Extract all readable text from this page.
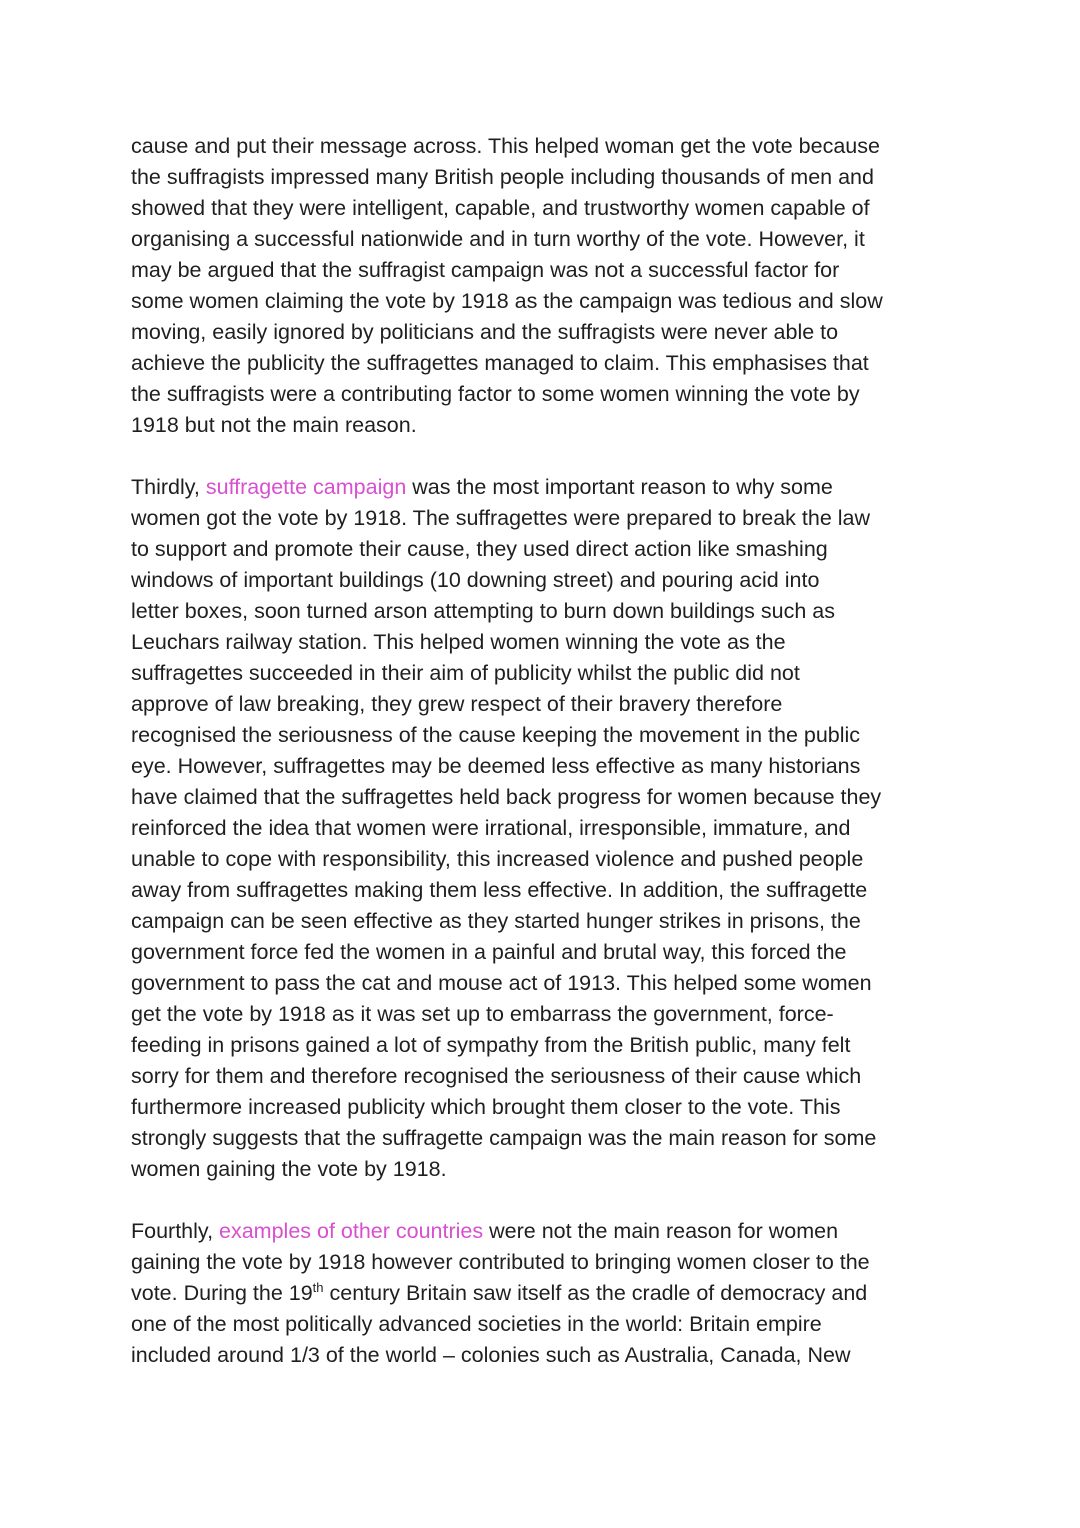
cause and put their message across. This helped woman get the vote because
the suffragists impressed many British people including thousands of men and
showed that they were intelligent, capable, and trustworthy women capable of
organising a successful nationwide and in turn worthy of the vote. However, it
may be argued that the suffragist campaign was not a successful factor for
some women claiming the vote by 1918 as the campaign was tedious and slow
moving, easily ignored by politicians and the suffragists were never able to
achieve the publicity the suffragettes managed to claim. This emphasises that
the suffragists were a contributing factor to some women winning the vote by
1918 but not the main reason.

Thirdly, suffragette campaign was the most important reason to why some
women got the vote by 1918. The suffragettes were prepared to break the law
to support and promote their cause, they used direct action like smashing
windows of important buildings (10 downing street) and pouring acid into
letter boxes, soon turned arson attempting to burn down buildings such as
Leuchars railway station. This helped women winning the vote as the
suffragettes succeeded in their aim of publicity whilst the public did not
approve of law breaking, they grew respect of their bravery therefore
recognised the seriousness of the cause keeping the movement in the public
eye. However, suffragettes may be deemed less effective as many historians
have claimed that the suffragettes held back progress for women because they
reinforced the idea that women were irrational, irresponsible, immature, and
unable to cope with responsibility, this increased violence and pushed people
away from suffragettes making them less effective. In addition, the suffragette
campaign can be seen effective as they started hunger strikes in prisons, the
government force fed the women in a painful and brutal way, this forced the
government to pass the cat and mouse act of 1913. This helped some women
get the vote by 1918 as it was set up to embarrass the government, force-
feeding in prisons gained a lot of sympathy from the British public, many felt
sorry for them and therefore recognised the seriousness of their cause which
furthermore increased publicity which brought them closer to the vote. This
strongly suggests that the suffragette campaign was the main reason for some
women gaining the vote by 1918.

Fourthly, examples of other countries were not the main reason for women
gaining the vote by 1918 however contributed to bringing women closer to the
vote. During the 19th century Britain saw itself as the cradle of democracy and
one of the most politically advanced societies in the world: Britain empire
included around 1/3 of the world – colonies such as Australia, Canada, New
